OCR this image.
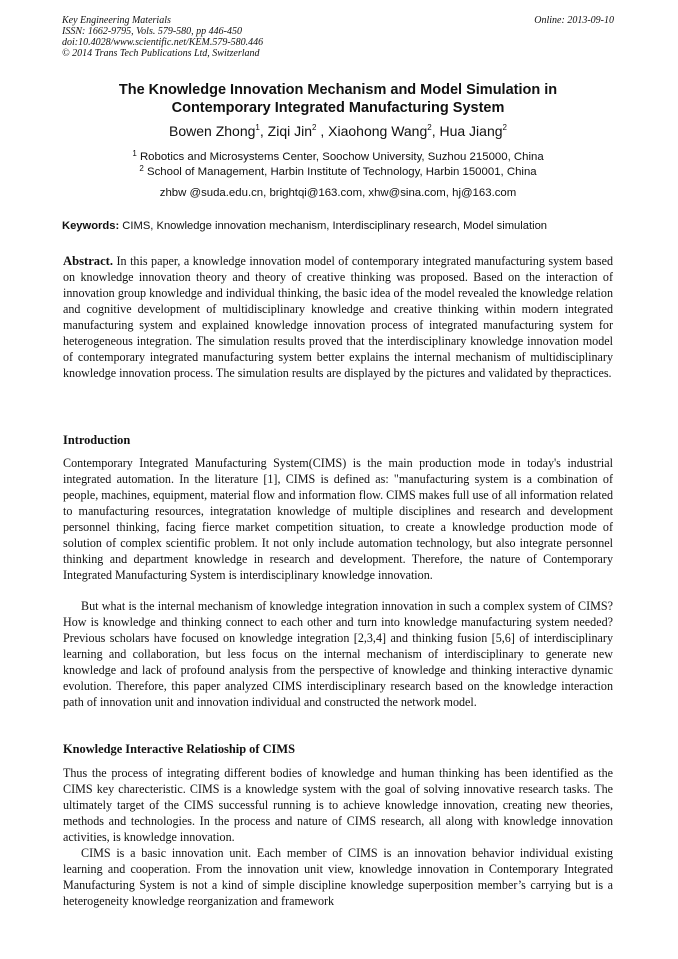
Key Engineering Materials
ISSN: 1662-9795, Vols. 579-580, pp 446-450
doi:10.4028/www.scientific.net/KEM.579-580.446
© 2014 Trans Tech Publications Ltd, Switzerland
Online: 2013-09-10
The Knowledge Innovation Mechanism and Model Simulation in
Contemporary Integrated Manufacturing System
Bowen Zhong$^1$, Ziqi Jin$^2$ , Xiaohong Wang$^2$, Hua Jiang$^2$
$^1$ Robotics and Microsystems Center, Soochow University, Suzhou 215000, China
$^2$ School of Management, Harbin Institute of Technology, Harbin 150001, China
zhbw @suda.edu.cn, brightqi@163.com, xhw@sina.com, hj@163.com
Keywords: CIMS, Knowledge innovation mechanism, Interdisciplinary research, Model simulation
Abstract. In this paper, a knowledge innovation model of contemporary integrated manufacturing system based on knowledge innovation theory and theory of creative thinking was proposed. Based on the interaction of innovation group knowledge and individual thinking, the basic idea of the model revealed the knowledge relation and cognitive development of multidisciplinary knowledge and creative thinking within modern integrated manufacturing system and explained knowledge innovation process of integrated manufacturing system for heterogeneous integration. The simulation results proved that the interdisciplinary knowledge innovation model of contemporary integrated manufacturing system better explains the internal mechanism of multidisciplinary knowledge innovation process. The simulation results are displayed by the pictures and validated by thepractices.
Introduction
Contemporary Integrated Manufacturing System(CIMS) is the main production mode in today's industrial integrated automation. In the literature [1], CIMS is defined as: "manufacturing system is a combination of people, machines, equipment, material flow and information flow. CIMS makes full use of all information related to manufacturing resources, integratation knowledge of multiple disciplines and research and development personnel thinking, facing fierce market competition situation, to create a knowledge production mode of solution of complex scientific problem. It not only include automation technology, but also integrate personnel thinking and department knowledge in research and development. Therefore, the nature of Contemporary Integrated Manufacturing System is interdisciplinary knowledge innovation.
But what is the internal mechanism of knowledge integration innovation in such a complex system of CIMS? How is knowledge and thinking connect to each other and turn into knowledge manufacturing system needed? Previous scholars have focused on knowledge integration [2,3,4] and thinking fusion [5,6] of interdisciplinary learning and collaboration, but less focus on the internal mechanism of interdisciplinary to generate new knowledge and lack of profound analysis from the perspective of knowledge and thinking interactive dynamic evolution. Therefore, this paper analyzed CIMS interdisciplinary research based on the knowledge interaction path of innovation unit and innovation individual and constructed the network model.
Knowledge Interactive Relatioship of CIMS
Thus the process of integrating different bodies of knowledge and human thinking has been identified as the CIMS key charecteristic. CIMS is a knowledge system with the goal of solving innovative research tasks. The ultimately target of the CIMS successful running is to achieve knowledge innovation, creating new theories, methods and technologies. In the process and nature of CIMS research, all along with knowledge innovation activities, is knowledge innovation.
CIMS is a basic innovation unit. Each member of CIMS is an innovation behavior individual existing learning and cooperation. From the innovation unit view, knowledge innovation in Contemporary Integrated Manufacturing System is not a kind of simple discipline knowledge superposition member’s carrying but is a heterogeneity knowledge reorganization and framework
